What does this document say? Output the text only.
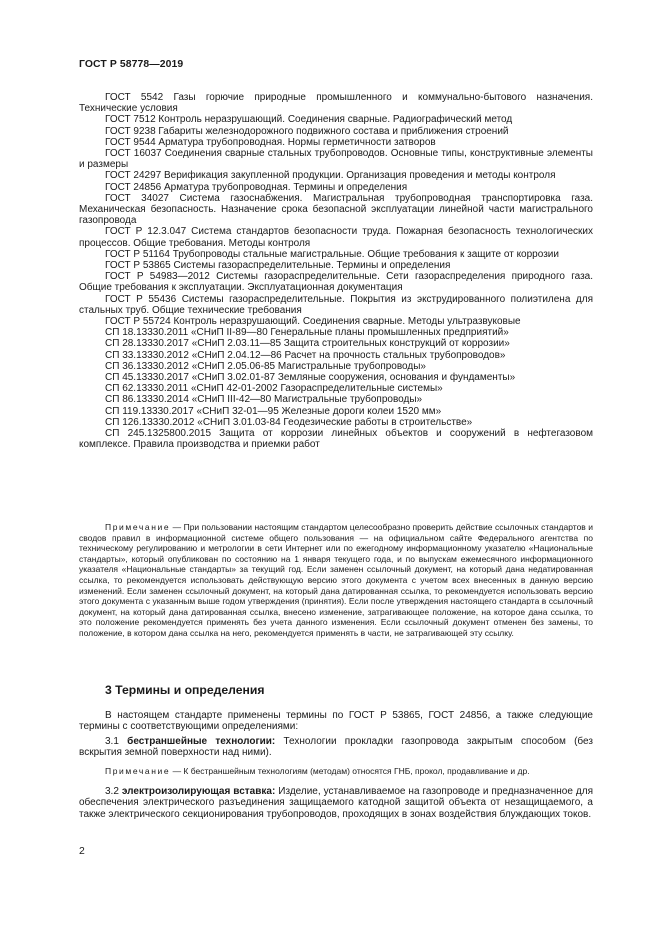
ГОСТ Р 58778—2019

ГОСТ 5542 Газы горючие природные промышленного и коммунально-бытового назначения. Технические условия

ГОСТ 7512 Контроль неразрушающий. Соединения сварные. Радиографический метод

ГОСТ 9238 Габариты железнодорожного подвижного состава и приближения строений

ГОСТ 9544 Арматура трубопроводная. Нормы герметичности затворов

ГОСТ 16037 Соединения сварные стальных трубопроводов. Основные типы, конструктивные элементы и размеры

ГОСТ 24297 Верификация закупленной продукции. Организация проведения и методы контроля

ГОСТ 24856 Арматура трубопроводная. Термины и определения

ГОСТ 34027 Система газоснабжения. Магистральная трубопроводная транспортировка газа. Механическая безопасность. Назначение срока безопасной эксплуатации линейной части магистрального газопровода

ГОСТ Р 12.3.047 Система стандартов безопасности труда. Пожарная безопасность технологических процессов. Общие требования. Методы контроля

ГОСТ Р 51164 Трубопроводы стальные магистральные. Общие требования к защите от коррозии

ГОСТ Р 53865 Системы газораспределительные. Термины и определения

ГОСТ Р 54983—2012 Системы газораспределительные. Сети газораспределения природного газа. Общие требования к эксплуатации. Эксплуатационная документация

ГОСТ Р 55436 Системы газораспределительные. Покрытия из экструдированного полиэтилена для стальных труб. Общие технические требования

ГОСТ Р 55724 Контроль неразрушающий. Соединения сварные. Методы ультразвуковые

СП 18.13330.2011 «СНиП II-89—80 Генеральные планы промышленных предприятий»

СП 28.13330.2017 «СНиП 2.03.11—85 Защита строительных конструкций от коррозии»

СП 33.13330.2012 «СНиП 2.04.12—86 Расчет на прочность стальных трубопроводов»

СП 36.13330.2012 «СНиП 2.05.06-85 Магистральные трубопроводы»

СП 45.13330.2017 «СНиП 3.02.01-87 Земляные сооружения, основания и фундаменты»

СП 62.13330.2011 «СНиП 42-01-2002 Газораспределительные системы»

СП 86.13330.2014 «СНиП III-42—80 Магистральные трубопроводы»

СП 119.13330.2017 «СНиП 32-01—95 Железные дороги колеи 1520 мм»

СП 126.13330.2012 «СНиП 3.01.03-84 Геодезические работы в строительстве»

СП 245.1325800.2015 Защита от коррозии линейных объектов и сооружений в нефтегазовом комплексе. Правила производства и приемки работ

Примечание — При пользовании настоящим стандартом целесообразно проверить действие ссылочных стандартов и сводов правил в информационной системе общего пользования — на официальном сайте Федерального агентства по техническому регулированию и метрологии в сети Интернет или по ежегодному информационному указателю «Национальные стандарты», который опубликован по состоянию на 1 января текущего года, и по выпускам ежемесячного информационного указателя «Национальные стандарты» за текущий год. Если заменен ссылочный документ, на который дана недатированная ссылка, то рекомендуется использовать действующую версию этого документа с учетом всех внесенных в данную версию изменений. Если заменен ссылочный документ, на который дана датированная ссылка, то рекомендуется использовать версию этого документа с указанным выше годом утверждения (принятия). Если после утверждения настоящего стандарта в ссылочный документ, на который дана датированная ссылка, внесено изменение, затрагивающее положение, на которое дана ссылка, то это положение рекомендуется применять без учета данного изменения. Если ссылочный документ отменен без замены, то положение, в котором дана ссылка на него, рекомендуется применять в части, не затрагивающей эту ссылку.

3 Термины и определения

В настоящем стандарте применены термины по ГОСТ Р 53865, ГОСТ 24856, а также следующие термины с соответствующими определениями:

3.1 бестраншейные технологии: Технологии прокладки газопровода закрытым способом (без вскрытия земной поверхности над ними).

Примечание — К бестраншейным технологиям (методам) относятся ГНБ, прокол, продавливание и др.

3.2 электроизолирующая вставка: Изделие, устанавливаемое на газопроводе и предназначенное для обеспечения электрического разъединения защищаемого катодной защитой объекта от незащищаемого, а также электрического секционирования трубопроводов, проходящих в зонах воздействия блуждающих токов.

2
